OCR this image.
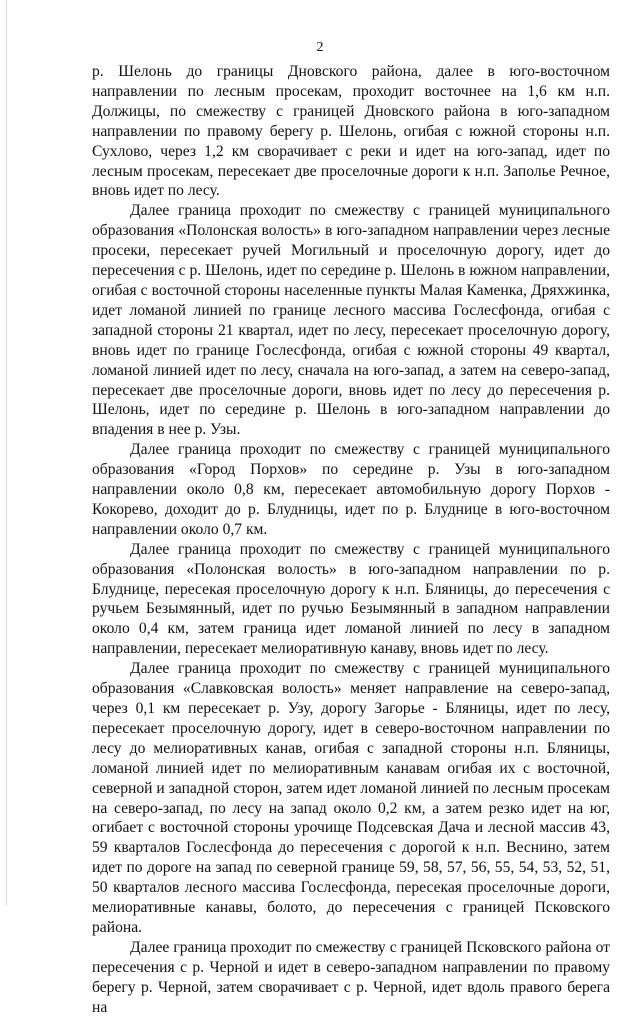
2

р. Шелонь до границы Дновского района, далее в юго-восточном направлении по лесным просекам, проходит восточнее на 1,6 км н.п. Должицы, по смежеству с границей Дновского района в юго-западном направлении по правому берегу р. Шелонь, огибая с южной стороны н.п. Сухлово, через 1,2 км сворачивает с реки и идет на юго-запад, идет по лесным просекам, пересекает две проселочные дороги к н.п. Заполье Речное, вновь идет по лесу.

Далее граница проходит по смежеству с границей муниципального образования «Полонская волость» в юго-западном направлении через лесные просеки, пересекает ручей Могильный и проселочную дорогу, идет до пересечения с р. Шелонь, идет по середине р. Шелонь в южном направлении, огибая с восточной стороны населенные пункты Малая Каменка, Дряхжинка, идет ломаной линией по границе лесного массива Гослесфонда, огибая с западной стороны 21 квартал, идет по лесу, пересекает проселочную дорогу, вновь идет по границе Гослесфонда, огибая с южной стороны 49 квартал, ломаной линией идет по лесу, сначала на юго-запад, а затем на северо-запад, пересекает две проселочные дороги, вновь идет по лесу до пересечения р. Шелонь, идет по середине р. Шелонь в юго-западном направлении до впадения в нее р. Узы.

Далее граница проходит по смежеству с границей муниципального образования «Город Порхов» по середине р. Узы в юго-западном направлении около 0,8 км, пересекает автомобильную дорогу Порхов - Кокорево, доходит до р. Блудницы, идет по р. Блуднице в юго-восточном направлении около 0,7 км.

Далее граница проходит по смежеству с границей муниципального образования «Полонская волость» в юго-западном направлении по р. Блуднице, пересекая проселочную дорогу к н.п. Бляницы, до пересечения с ручьем Безымянный, идет по ручью Безымянный в западном направлении около 0,4 км, затем граница идет ломаной линией по лесу в западном направлении, пересекает мелиоративную канаву, вновь идет по лесу.

Далее граница проходит по смежеству с границей муниципального образования «Славковская волость» меняет направление на северо-запад, через 0,1 км пересекает р. Узу, дорогу Загорье - Бляницы, идет по лесу, пересекает проселочную дорогу, идет в северо-восточном направлении по лесу до мелиоративных канав, огибая с западной стороны н.п. Бляницы, ломаной линией идет по мелиоративным канавам огибая их с восточной, северной и западной сторон, затем идет ломаной линией по лесным просекам на северо-запад, по лесу на запад около 0,2 км, а затем резко идет на юг, огибает с восточной стороны урочище Подсевская Дача и лесной массив 43, 59 кварталов Гослесфонда до пересечения с дорогой к н.п. Веснино, затем идет по дороге на запад по северной границе 59, 58, 57, 56, 55, 54, 53, 52, 51, 50 кварталов лесного массива Гослесфонда, пересекая проселочные дороги, мелиоративные канавы, болото, до пересечения с границей Псковского района.

Далее граница проходит по смежеству с границей Псковского района от пересечения с р. Черной и идет в северо-западном направлении по правому берегу р. Черной, затем сворачивает с р. Черной, идет вдоль правого берега на
